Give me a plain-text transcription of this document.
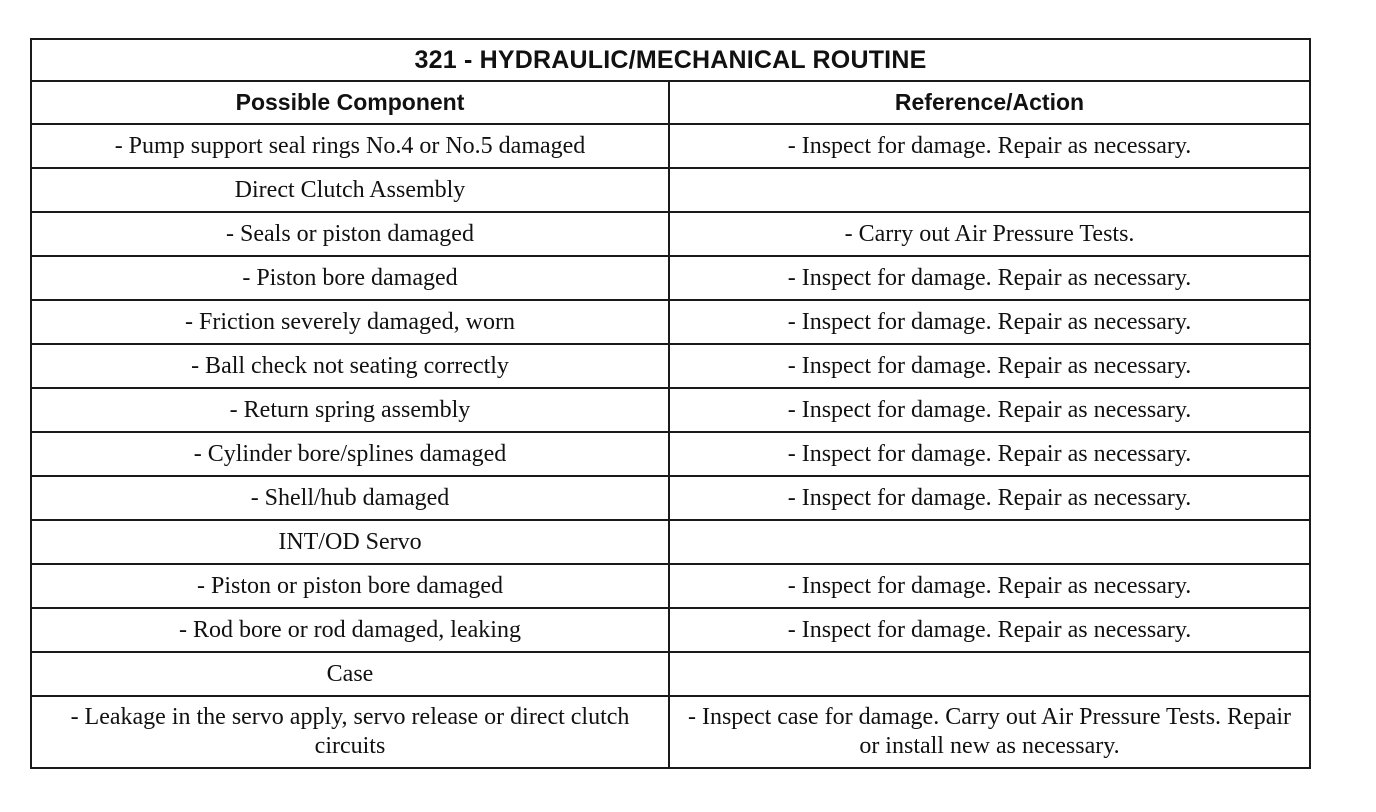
321 - HYDRAULIC/MECHANICAL ROUTINE	
Possible Component	Reference/Action
- Pump support seal rings No.4 or No.5 damaged	- Inspect for damage. Repair as necessary.
Direct Clutch Assembly	
- Seals or piston damaged	- Carry out Air Pressure Tests.
- Piston bore damaged	- Inspect for damage. Repair as necessary.
- Friction severely damaged, worn	- Inspect for damage. Repair as necessary.
- Ball check not seating correctly	- Inspect for damage. Repair as necessary.
- Return spring assembly	- Inspect for damage. Repair as necessary.
- Cylinder bore/splines damaged	- Inspect for damage. Repair as necessary.
- Shell/hub damaged	- Inspect for damage. Repair as necessary.
INT/OD Servo	
- Piston or piston bore damaged	- Inspect for damage. Repair as necessary.
- Rod bore or rod damaged, leaking	- Inspect for damage. Repair as necessary.
Case	
- Leakage in the servo apply, servo release or direct clutch circuits	- Inspect case for damage. Carry out Air Pressure Tests. Repair or install new as necessary.
